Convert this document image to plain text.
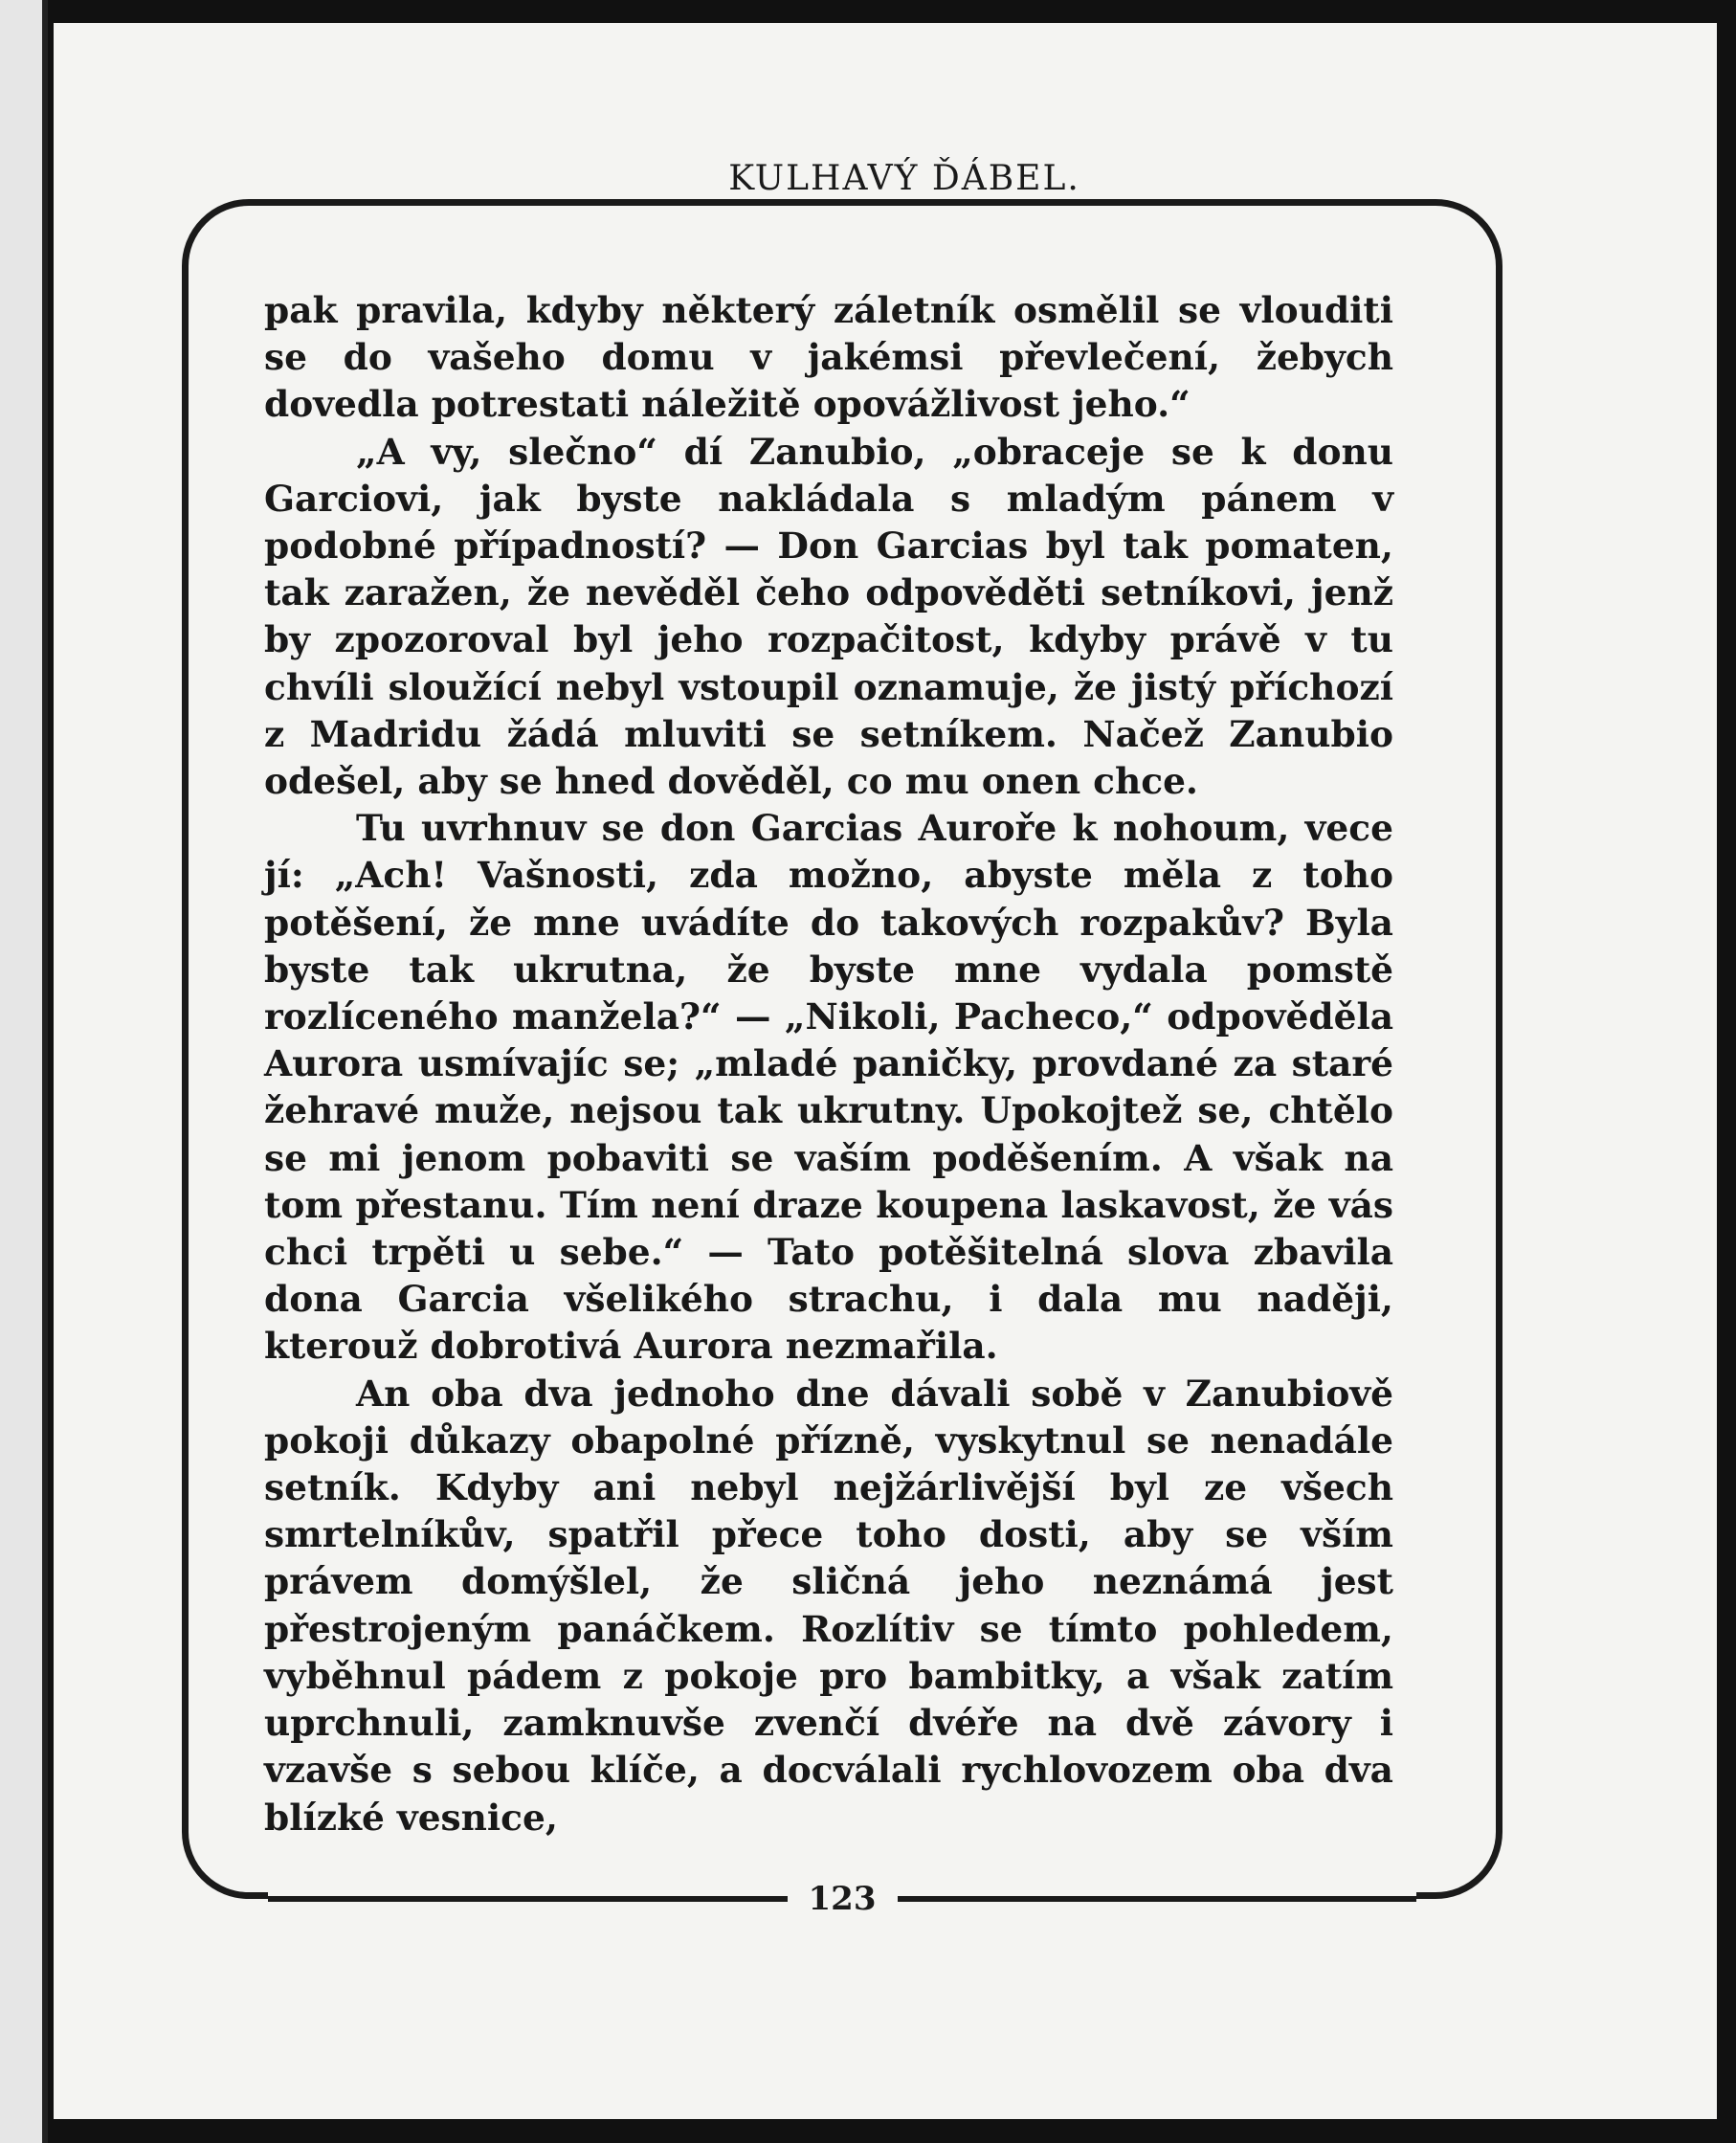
KULHAVÝ ĎÁBEL.

pak pravila, kdyby některý záletník osmělil se vlouditi se do vašeho domu v jakémsi převlečení, žebych dovedla potrestati náležitě opovážlivost jeho.“

„A vy, slečno“ dí Zanubio, „obraceje se k donu Garciovi, jak byste nakládala s mladým pánem v podobné případností? — Don Garcias byl tak pomaten, tak zaražen, že nevěděl čeho odpověděti setníkovi, jenž by zpozoroval byl jeho rozpačitost, kdyby právě v tu chvíli sloužící nebyl vstoupil oznamuje, že jistý příchozí z Madridu žádá mluviti se setníkem. Načež Zanubio odešel, aby se hned dověděl, co mu onen chce.

Tu uvrhnuv se don Garcias Auroře k nohoum, vece jí: „Ach! Vašnosti, zda možno, abyste měla z toho potěšení, že mne uvádíte do takových rozpakův? Byla byste tak ukrutna, že byste mne vydala pomstě rozlíceného manžela?“ — „Nikoli, Pacheco,“ odpověděla Aurora usmívajíc se; „mladé paničky, provdané za staré žehravé muže, nejsou tak ukrutny. Upokojtež se, chtělo se mi jenom pobaviti se vaším poděšením. A však na tom přestanu. Tím není draze koupena laskavost, že vás chci trpěti u sebe.“ — Tato potěšitelná slova zbavila dona Garcia všelikého strachu, i dala mu naději, kterouž dobrotivá Aurora nezmařila.

An oba dva jednoho dne dávali sobě v Zanubiově pokoji důkazy obapolné přízně, vyskytnul se nenadále setník. Kdyby ani nebyl nejžárlivější byl ze všech smrtelníkův, spatřil přece toho dosti, aby se vším právem domýšlel, že sličná jeho neznámá jest přestrojeným panáčkem. Rozlítiv se tímto pohledem, vyběhnul pádem z pokoje pro bambitky, a však zatím uprchnuli, zamknuvše zvenčí dvéře na dvě závory i vzavše s sebou klíče, a docválali rychlovozem oba dva blízké vesnice,

123
